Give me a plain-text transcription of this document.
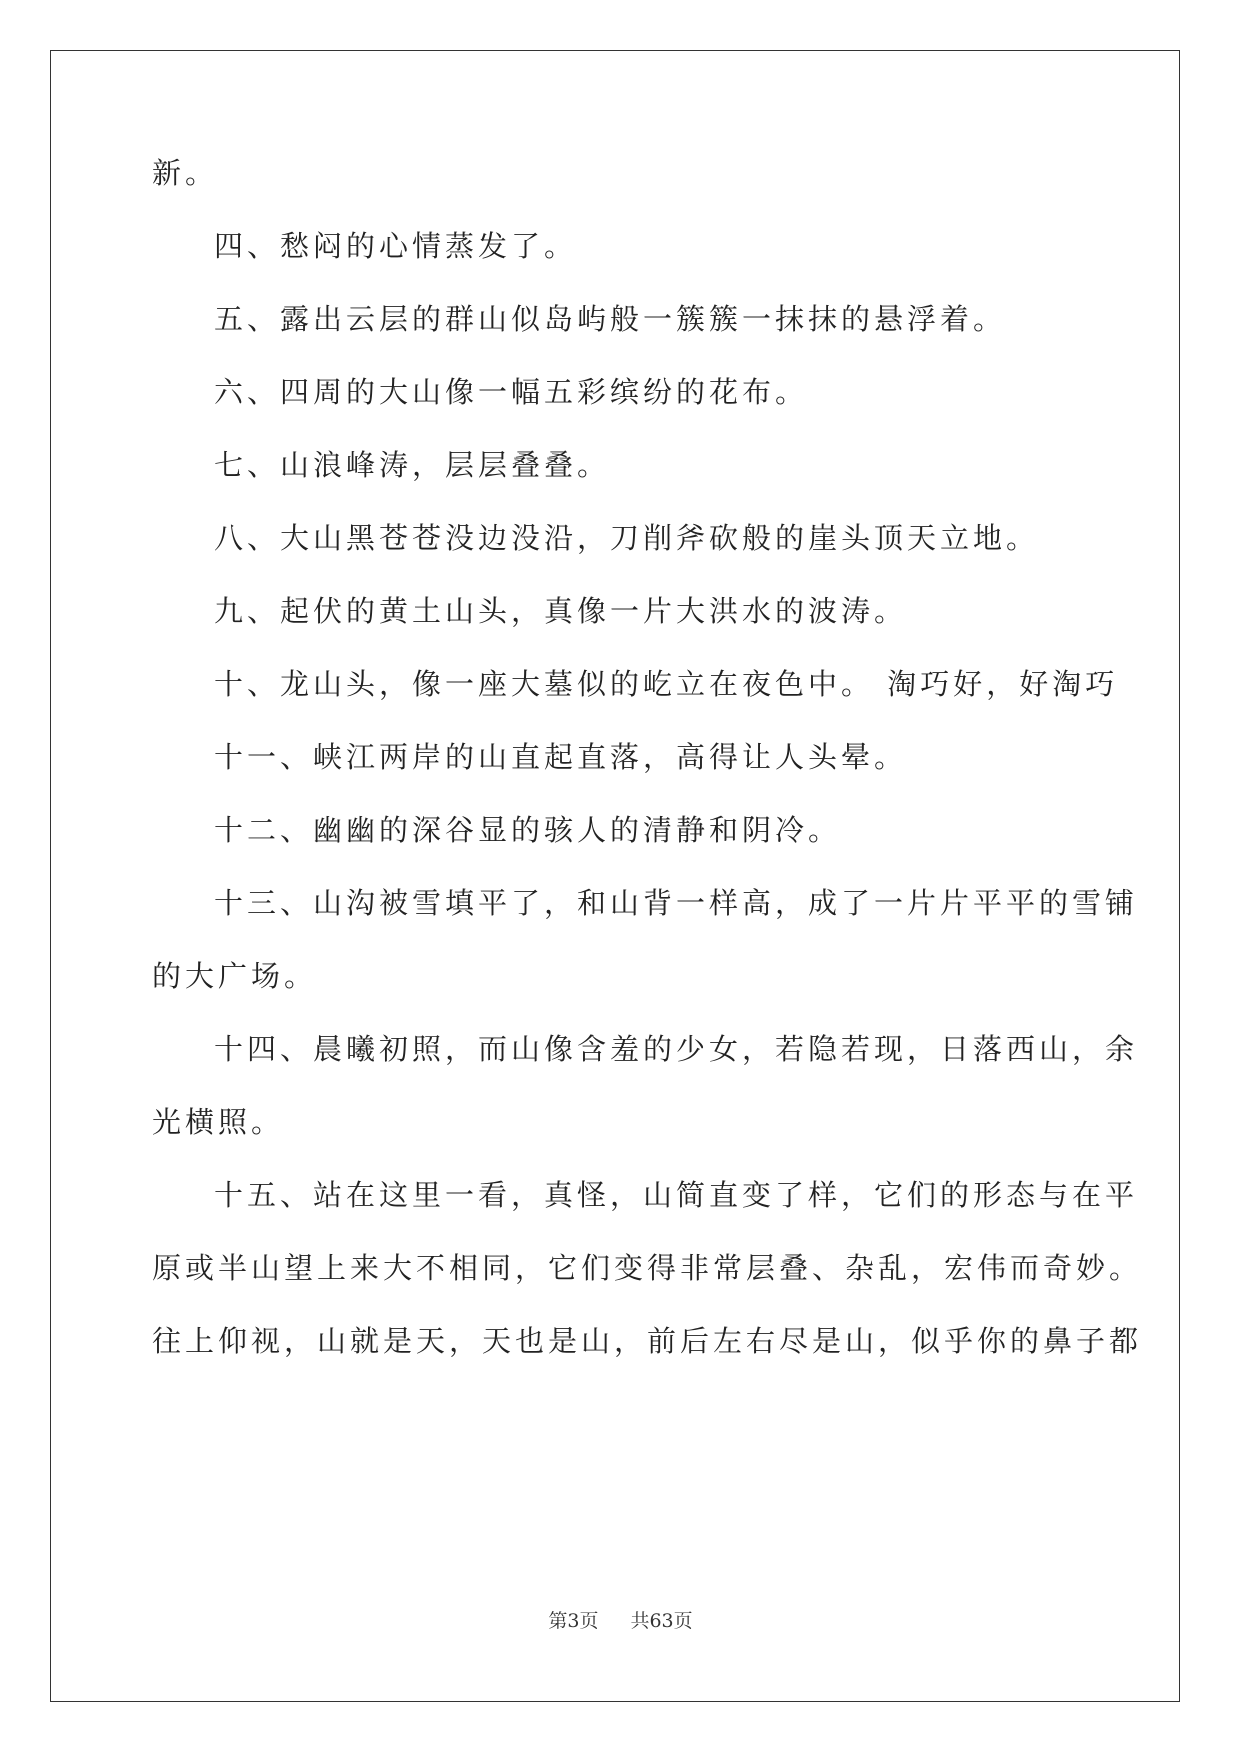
新。
四、愁闷的心情蒸发了。
五、露出云层的群山似岛屿般一簇簇一抹抹的悬浮着。
六、四周的大山像一幅五彩缤纷的花布。
七、山浪峰涛，层层叠叠。
八、大山黑苍苍没边没沿，刀削斧砍般的崖头顶天立地。
九、起伏的黄土山头，真像一片大洪水的波涛。
十、龙山头，像一座大墓似的屹立在夜色中。 淘巧好，好淘巧
十一、峡江两岸的山直起直落，高得让人头晕。
十二、幽幽的深谷显的骇人的清静和阴冷。
十三、山沟被雪填平了，和山背一样高，成了一片片平平的雪铺
的大广场。
十四、晨曦初照，而山像含羞的少女，若隐若现，日落西山，余
光横照。
十五、站在这里一看，真怪，山简直变了样，它们的形态与在平
原或半山望上来大不相同，它们变得非常层叠、杂乱，宏伟而奇妙。
往上仰视，山就是天，天也是山，前后左右尽是山，似乎你的鼻子都
第3页 共63页
